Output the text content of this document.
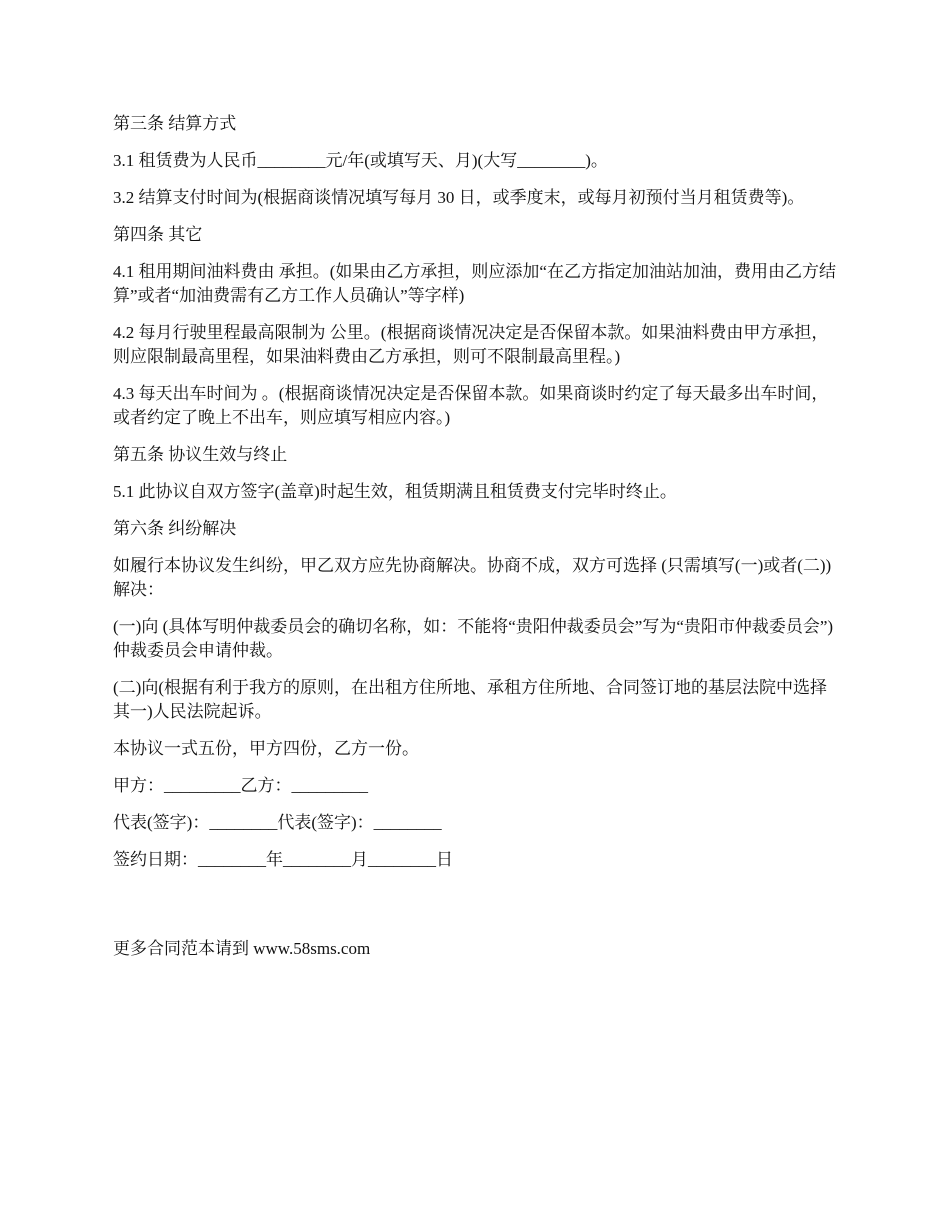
第三条 结算方式

3.1 租赁费为人民币________元/年(或填写天、月)(大写________)。

3.2 结算支付时间为(根据商谈情况填写每月 30 日，或季度末，或每月初预付当月租赁费等)。

第四条 其它

4.1 租用期间油料费由 承担。(如果由乙方承担，则应添加“在乙方指定加油站加油，费用由乙方结算”或者“加油费需有乙方工作人员确认”等字样)

4.2 每月行驶里程最高限制为 公里。(根据商谈情况决定是否保留本款。如果油料费由甲方承担，则应限制最高里程，如果油料费由乙方承担，则可不限制最高里程。)

4.3 每天出车时间为 。(根据商谈情况决定是否保留本款。如果商谈时约定了每天最多出车时间，或者约定了晚上不出车，则应填写相应内容。)

第五条 协议生效与终止

5.1 此协议自双方签字(盖章)时起生效，租赁期满且租赁费支付完毕时终止。

第六条 纠纷解决

如履行本协议发生纠纷，甲乙双方应先协商解决。协商不成，双方可选择 (只需填写(一)或者(二))解决：

(一)向 (具体写明仲裁委员会的确切名称，如：不能将“贵阳仲裁委员会”写为“贵阳市仲裁委员会”)仲裁委员会申请仲裁。

(二)向(根据有利于我方的原则，在出租方住所地、承租方住所地、合同签订地的基层法院中选择其一)人民法院起诉。

本协议一式五份，甲方四份，乙方一份。

甲方：_________乙方：_________

代表(签字)：________代表(签字)：________

签约日期：________年________月________日

更多合同范本请到 www.58sms.com
